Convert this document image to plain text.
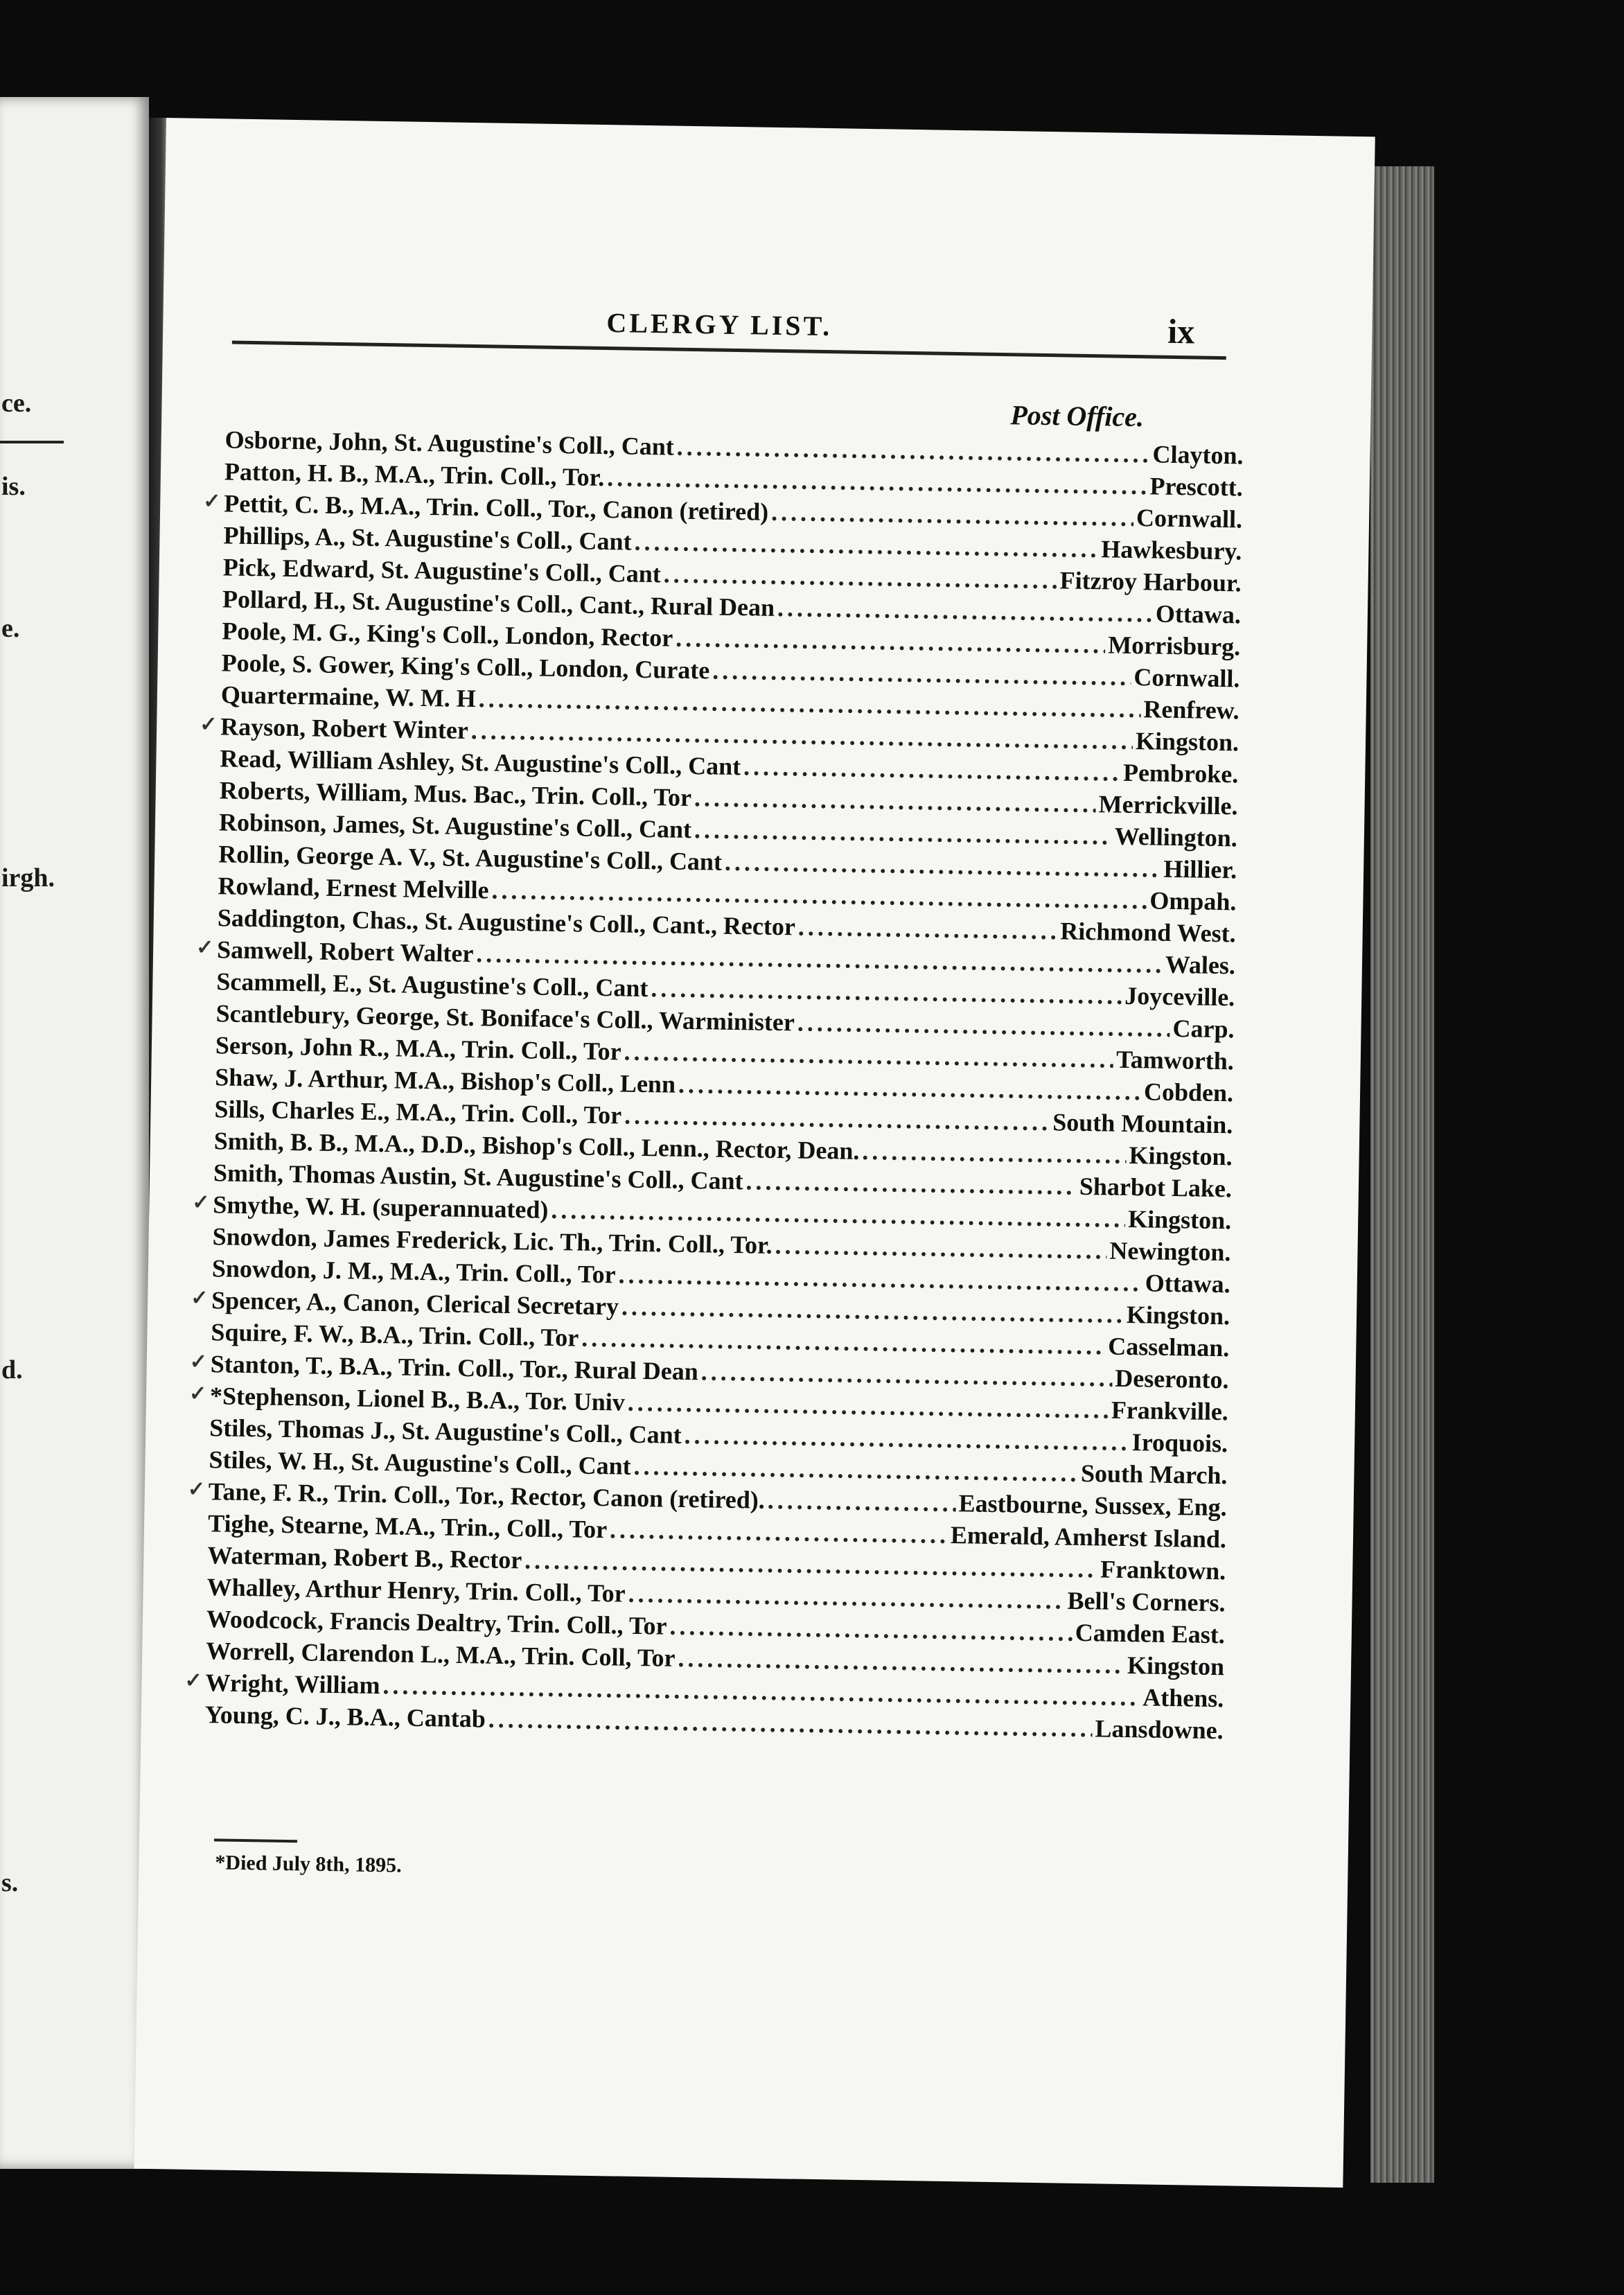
ce.
is.
e.
irgh.
d.
s.
CLERGY LIST.	ix
Post Office.
Osborne, John, St. Augustine's Coll., Cant .....	Clayton.
Patton, H. B., M.A., Trin. Coll., Tor. .....	Prescott.
✓ Pettit, C. B., M.A., Trin. Coll., Tor., Canon (retired) .....	Cornwall.
Phillips, A., St. Augustine's Coll., Cant .....	Hawkesbury.
Pick, Edward, St. Augustine's Coll., Cant .....	Fitzroy Harbour.
Pollard, H., St. Augustine's Coll., Cant., Rural Dean .....	Ottawa.
Poole, M. G., King's Coll., London, Rector .....	Morrisburg.
Poole, S. Gower, King's Coll., London, Curate .....	Cornwall.
Quartermaine, W. M. H .....	Renfrew.
✓ Rayson, Robert Winter .....	Kingston.
Read, William Ashley, St. Augustine's Coll., Cant .....	Pembroke.
Roberts, William, Mus. Bac., Trin. Coll., Tor .....	Merrickville.
Robinson, James, St. Augustine's Coll., Cant .....	Wellington.
Rollin, George A. V., St. Augustine's Coll., Cant .....	Hillier.
Rowland, Ernest Melville .....	Ompah.
Saddington, Chas., St. Augustine's Coll., Cant., Rector .....	Richmond West.
✓ Samwell, Robert Walter .....	Wales.
Scammell, E., St. Augustine's Coll., Cant .....	Joyceville.
Scantlebury, George, St. Boniface's Coll., Warminister .....	Carp.
Serson, John R., M.A., Trin. Coll., Tor .....	Tamworth.
Shaw, J. Arthur, M.A., Bishop's Coll., Lenn .....	Cobden.
Sills, Charles E., M.A., Trin. Coll., Tor .....	South Mountain.
Smith, B. B., M.A., D.D., Bishop's Coll., Lenn., Rector, Dean. .....	Kingston.
Smith, Thomas Austin, St. Augustine's Coll., Cant .....	Sharbot Lake.
✓ Smythe, W. H. (superannuated) .....	Kingston.
Snowdon, James Frederick, Lic. Th., Trin. Coll., Tor. .....	Newington.
Snowdon, J. M., M.A., Trin. Coll., Tor .....	Ottawa.
✓ Spencer, A., Canon, Clerical Secretary .....	Kingston.
Squire, F. W., B.A., Trin. Coll., Tor .....	Casselman.
✓ Stanton, T., B.A., Trin. Coll., Tor., Rural Dean .....	Deseronto.
✓ *Stephenson, Lionel B., B.A., Tor. Univ .....	Frankville.
Stiles, Thomas J., St. Augustine's Coll., Cant .....	Iroquois.
Stiles, W. H., St. Augustine's Coll., Cant .....	South March.
✓ Tane, F. R., Trin. Coll., Tor., Rector, Canon (retired). .....	Eastbourne, Sussex, Eng.
Tighe, Stearne, M.A., Trin., Coll., Tor .....	Emerald, Amherst Island.
Waterman, Robert B., Rector .....	Franktown.
Whalley, Arthur Henry, Trin. Coll., Tor .....	Bell's Corners.
Woodcock, Francis Dealtry, Trin. Coll., Tor .....	Camden East.
Worrell, Clarendon L., M.A., Trin. Coll, Tor .....	Kingston
✓ Wright, William .....	Athens.
Young, C. J., B.A., Cantab .....	Lansdowne.
*Died July 8th, 1895.
